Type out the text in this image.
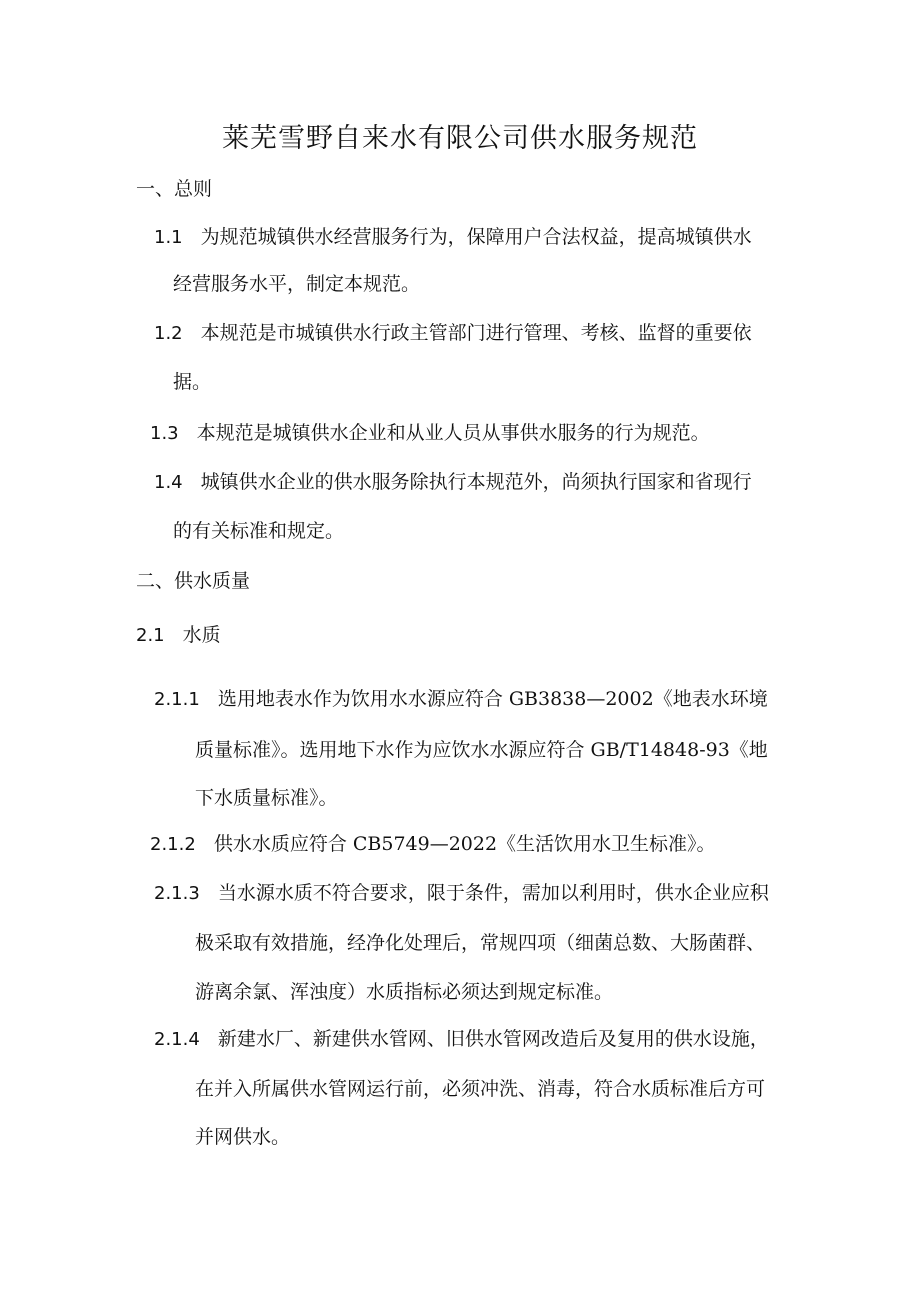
莱芜雪野自来水有限公司供水服务规范
一、总则
1.1 为规范城镇供水经营服务行为，保障用户合法权益，提高城镇供水
经营服务水平，制定本规范。
1.2 本规范是市城镇供水行政主管部门进行管理、考核、监督的重要依
据。
1.3 本规范是城镇供水企业和从业人员从事供水服务的行为规范。
1.4 城镇供水企业的供水服务除执行本规范外，尚须执行国家和省现行
的有关标准和规定。
二、供水质量
2.1 水质
2.1.1 选用地表水作为饮用水水源应符合 GB3838—2002《地表水环境
质量标准》。选用地下水作为应饮水水源应符合 GB/T14848-93《地
下水质量标准》。
2.1.2 供水水质应符合 CB5749—2022《生活饮用水卫生标准》。
2.1.3 当水源水质不符合要求，限于条件，需加以利用时，供水企业应积
极采取有效措施，经净化处理后，常规四项（细菌总数、大肠菌群、
游离余氯、浑浊度）水质指标必须达到规定标准。
2.1.4 新建水厂、新建供水管网、旧供水管网改造后及复用的供水设施，
在并入所属供水管网运行前，必须冲洗、消毒，符合水质标准后方可
并网供水。
